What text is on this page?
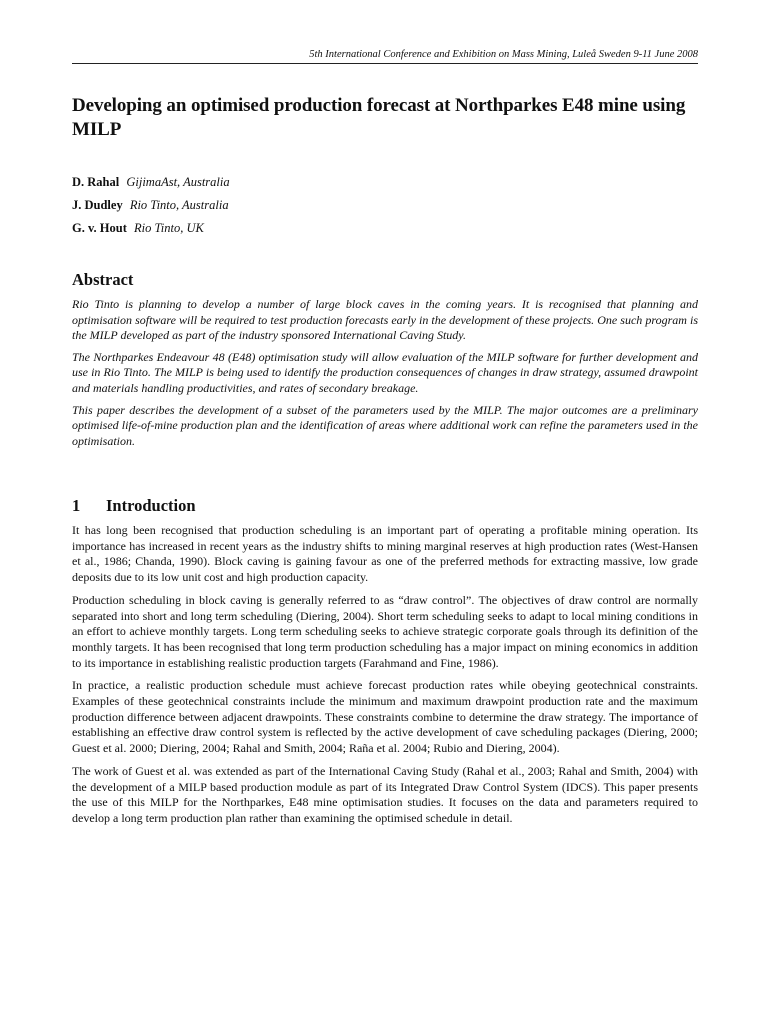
5th International Conference and Exhibition on Mass Mining, Luleå Sweden 9-11 June 2008
Developing an optimised production forecast at Northparkes E48 mine using MILP
D. Rahal GijimaAst, Australia
J. Dudley Rio Tinto, Australia
G. v. Hout Rio Tinto, UK
Abstract

Rio Tinto is planning to develop a number of large block caves in the coming years. It is recognised that planning and optimisation software will be required to test production forecasts early in the development of these projects. One such program is the MILP developed as part of the industry sponsored International Caving Study.

The Northparkes Endeavour 48 (E48) optimisation study will allow evaluation of the MILP software for further development and use in Rio Tinto. The MILP is being used to identify the production consequences of changes in draw strategy, assumed drawpoint and materials handling productivities, and rates of secondary breakage.

This paper describes the development of a subset of the parameters used by the MILP. The major outcomes are a preliminary optimised life-of-mine production plan and the identification of areas where additional work can refine the parameters used in the optimisation.

1 Introduction

It has long been recognised that production scheduling is an important part of operating a profitable mining operation. Its importance has increased in recent years as the industry shifts to mining marginal reserves at high production rates (West-Hansen et al., 1986; Chanda, 1990). Block caving is gaining favour as one of the preferred methods for extracting massive, low grade deposits due to its low unit cost and high production capacity.

Production scheduling in block caving is generally referred to as “draw control”. The objectives of draw control are normally separated into short and long term scheduling (Diering, 2004). Short term scheduling seeks to adapt to local mining conditions in an effort to achieve monthly targets. Long term scheduling seeks to achieve strategic corporate goals through its definition of the monthly targets. It has been recognised that long term production scheduling has a major impact on mining economics in addition to its importance in establishing realistic production targets (Farahmand and Fine, 1986).

In practice, a realistic production schedule must achieve forecast production rates while obeying geotechnical constraints. Examples of these geotechnical constraints include the minimum and maximum drawpoint production rate and the maximum production difference between adjacent drawpoints. These constraints combine to determine the draw strategy. The importance of establishing an effective draw control system is reflected by the active development of cave scheduling packages (Diering, 2000; Guest et al. 2000; Diering, 2004; Rahal and Smith, 2004; Raña et al. 2004; Rubio and Diering, 2004).

The work of Guest et al. was extended as part of the International Caving Study (Rahal et al., 2003; Rahal and Smith, 2004) with the development of a MILP based production module as part of its Integrated Draw Control System (IDCS). This paper presents the use of this MILP for the Northparkes, E48 mine optimisation studies. It focuses on the data and parameters required to develop a long term production plan rather than examining the optimised schedule in detail.
